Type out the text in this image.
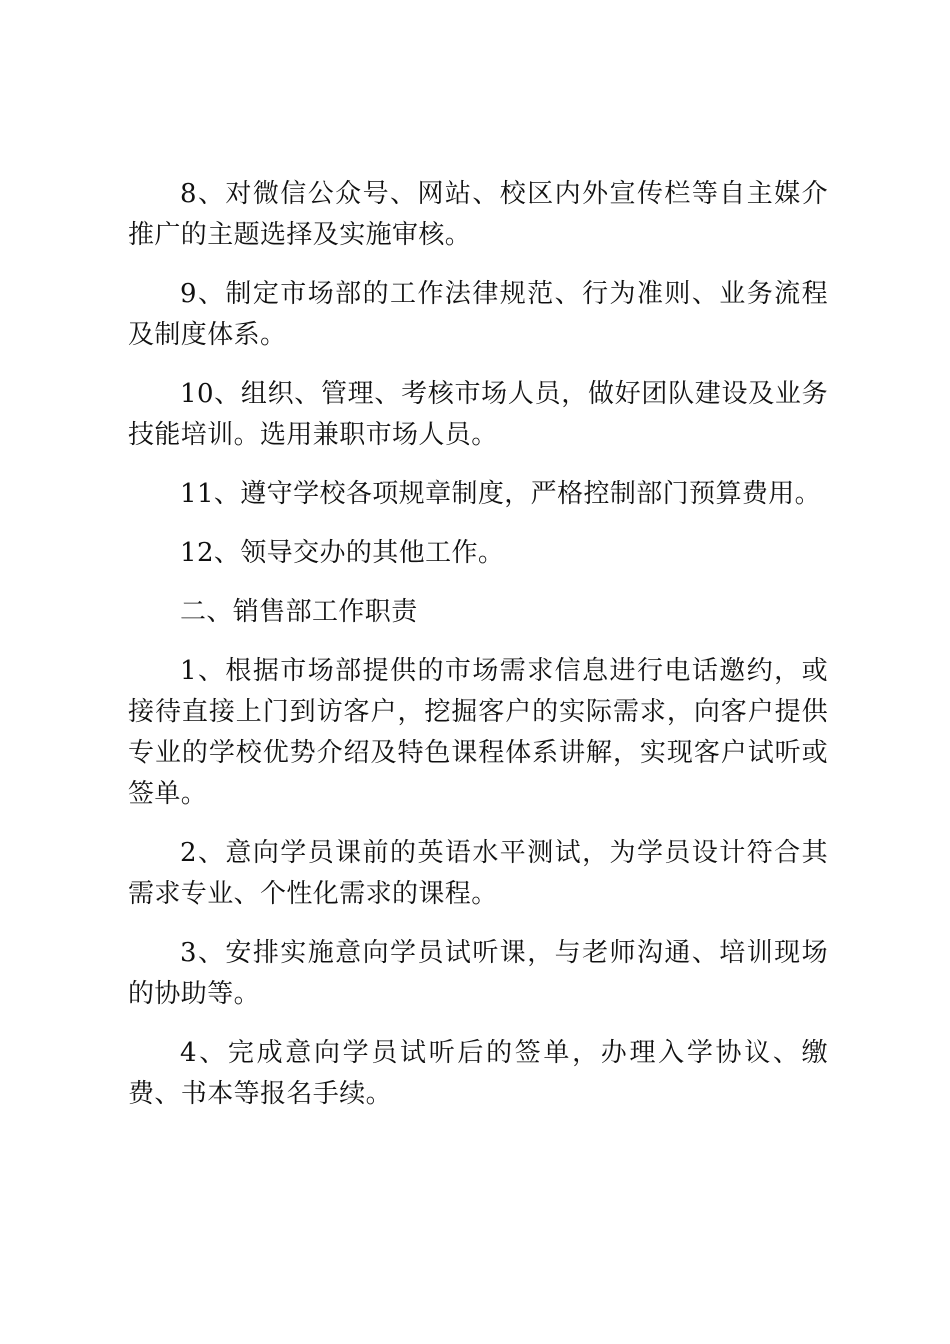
8、对微信公众号、网站、校区内外宣传栏等自主媒介推广的主题选择及实施审核。

9、制定市场部的工作法律规范、行为准则、业务流程及制度体系。

10、组织、管理、考核市场人员，做好团队建设及业务技能培训。选用兼职市场人员。

11、遵守学校各项规章制度，严格控制部门预算费用。

12、领导交办的其他工作。

二、销售部工作职责

1、根据市场部提供的市场需求信息进行电话邀约，或接待直接上门到访客户，挖掘客户的实际需求，向客户提供专业的学校优势介绍及特色课程体系讲解，实现客户试听或签单。

2、意向学员课前的英语水平测试，为学员设计符合其需求专业、个性化需求的课程。

3、安排实施意向学员试听课，与老师沟通、培训现场的协助等。

4、完成意向学员试听后的签单，办理入学协议、缴费、书本等报名手续。
